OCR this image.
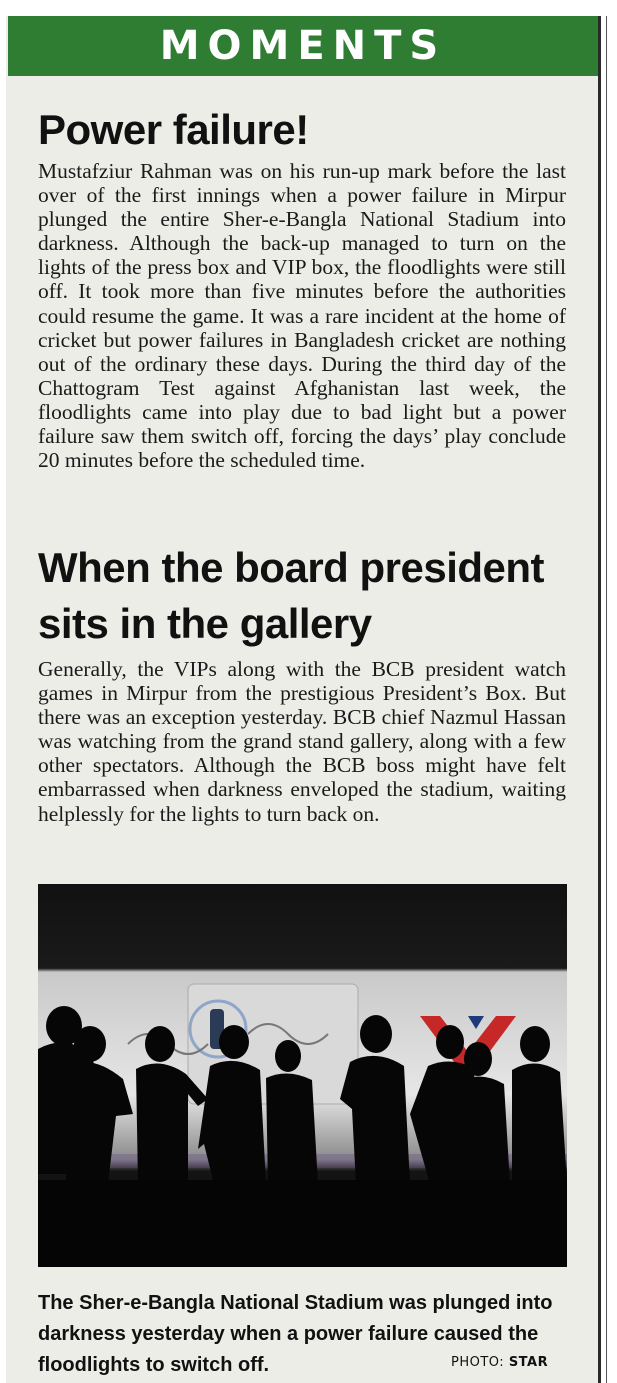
MOMENTS
Power failure!

Mustafziur Rahman was on his run-up mark before the last over of the first innings when a power failure in Mirpur plunged the entire Sher-e-Bangla National Stadium into darkness. Although the back-up managed to turn on the lights of the press box and VIP box, the floodlights were still off. It took more than five minutes before the authorities could resume the game. It was a rare incident at the home of cricket but power failures in Bangladesh cricket are nothing out of the ordinary these days. During the third day of the Chattogram Test against Afghanistan last week, the floodlights came into play due to bad light but a power failure saw them switch off, forcing the days’ play conclude 20 minutes before the scheduled time.

When the board president
sits in the gallery

Generally, the VIPs along with the BCB president watch games in Mirpur from the prestigious President’s Box. But there was an exception yesterday. BCB chief Nazmul Hassan was watching from the grand stand gallery, along with a few other spectators. Although the BCB boss might have felt embarrassed when darkness enveloped the stadium, waiting helplessly for the lights to turn back on.

The Sher-e-Bangla National Stadium was plunged into darkness yesterday when a power failure caused the floodlights to switch off.	PHOTO: STAR
